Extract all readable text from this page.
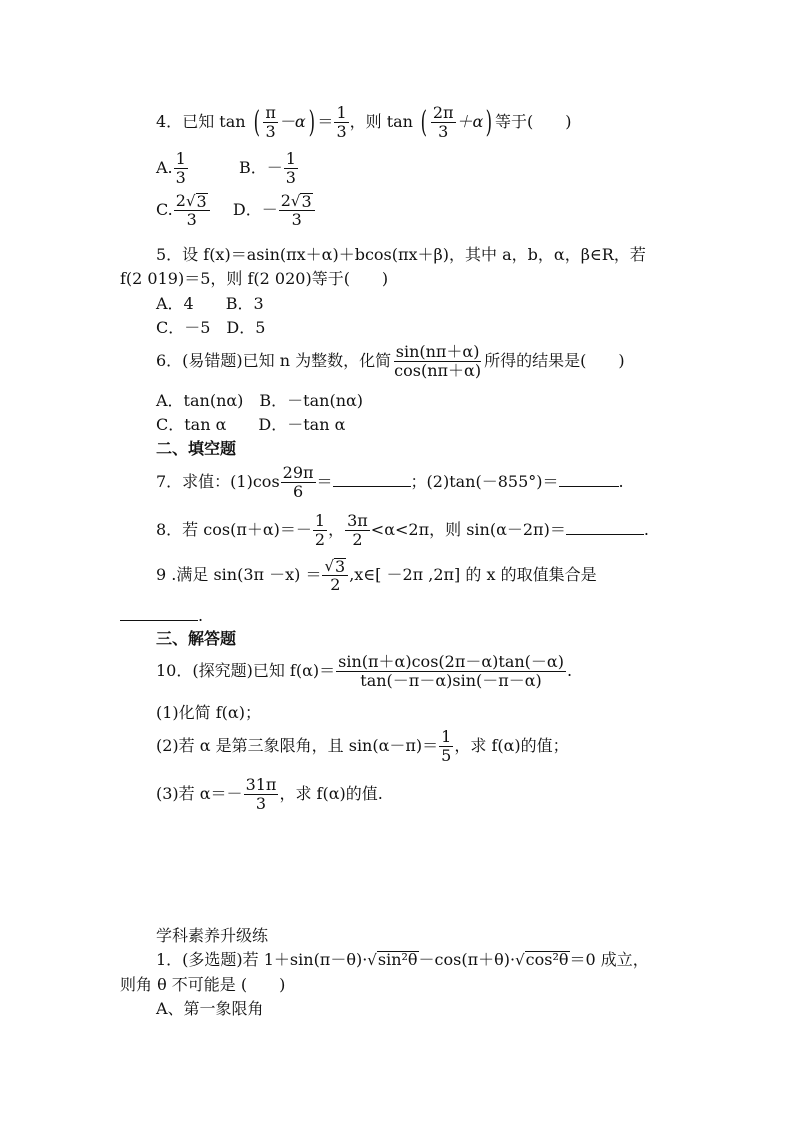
4．已知 tan ( $\frac{\pi}{3} -\alpha) = \frac{1}{3}$ ，则 tan ( $\frac{2\pi}{3} +\alpha$) 等于(　　)
A. $\frac{1}{3}$	B．－ $\frac{1}{3}$
C. $\frac{2 √ 3}{3}$ D．－ $\frac{2 √ 3}{3}$
5．设 f(x)＝asin(πx＋α)＋bcos(πx＋β)，其中 a，b，α，β∈R，若
f(2 019)＝5，则 f(2 020)等于(　　)
A．4　　B．3
C．－5　D．5
6．(易错题)已知 n 为整数，化简 $\frac{\sin(n\pi+\alpha)}{\cos(n\pi+\alpha)}$ 所得的结果是(　　)
A．tan(nα)　B．－tan(nα)
C．tan α　　D．－tan α
二、填空题
7．求值：$(1)\cos \frac{29\pi}{6}$ ＝	；(2)tan(－855°)＝	.
8．若 $\cos(\pi+\alpha)=- \frac{1}{2}$ ， $\frac{3\pi}{2} <\alpha<2\pi$，则 sin(α－2π)＝	.
9 .满足 $\sin(3\pi -x) = \frac{√ 3}{2}$ ,x∈[ －2π ,2π] 的 x 的取值集合是
.
三、解答题
10．(探究题)已知 $f(\alpha)= \frac{\sin(\pi+\alpha)\cos(2\pi-\alpha)\tan(-\alpha)}{\tan(-\pi-\alpha)\sin(-\pi-\alpha)}$ .
(1)化简 f(α)；
(2)若 α 是第三象限角，且 $\sin(\alpha-\pi)= \frac{1}{5}$ ，求 f(α)的值；
(3)若 $\alpha=- \frac{31\pi}{3}$ ，求 f(α)的值.
学科素养升级练
1．(多选题)若 1＋sin(π－θ)· √ sin²θ －cos(π＋θ)· √ cos²θ ＝0 成立，
则角 θ 不可能是 (　　)
A、第一象限角
